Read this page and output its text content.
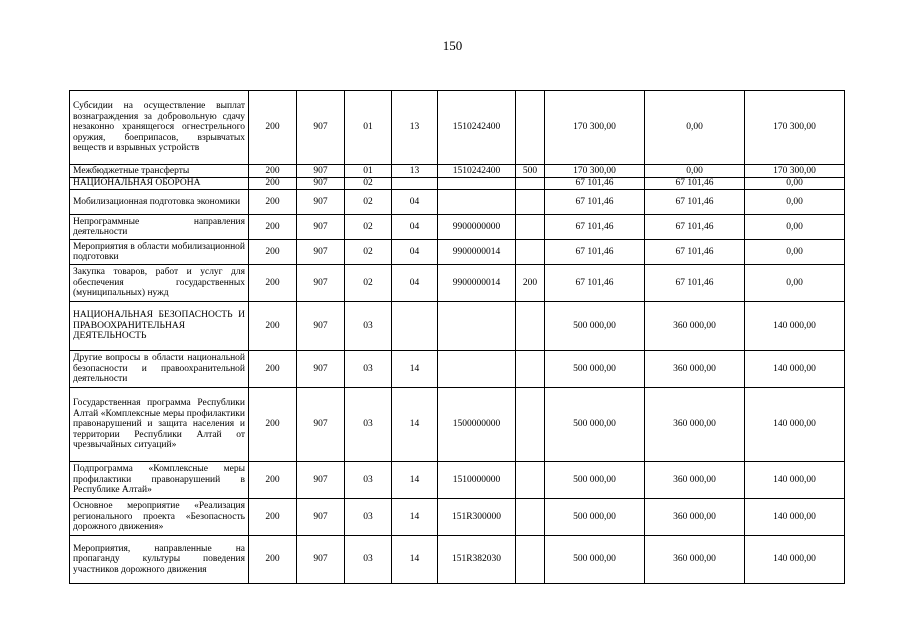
150
Субсидии на осуществление выплат вознаграждения за добровольную сдачу незаконно хранящегося огнестрельного оружия, боеприпасов, взрывчатых веществ и взрывных устройств	200	907	01	13	1510242400		170 300,00	0,00	170 300,00
Межбюджетные трансферты	200	907	01	13	1510242400	500	170 300,00	0,00	170 300,00
НАЦИОНАЛЬНАЯ ОБОРОНА	200	907	02				67 101,46	67 101,46	0,00
Мобилизационная подготовка экономики	200	907	02	04			67 101,46	67 101,46	0,00
Непрограммные направления деятельности	200	907	02	04	9900000000		67 101,46	67 101,46	0,00
Мероприятия в области мобилизационной подготовки	200	907	02	04	9900000014		67 101,46	67 101,46	0,00
Закупка товаров, работ и услуг для обеспечения государственных (муниципальных) нужд	200	907	02	04	9900000014	200	67 101,46	67 101,46	0,00
НАЦИОНАЛЬНАЯ БЕЗОПАСНОСТЬ И ПРАВООХРАНИТЕЛЬНАЯ ДЕЯТЕЛЬНОСТЬ	200	907	03				500 000,00	360 000,00	140 000,00
Другие вопросы в области национальной безопасности и правоохранительной деятельности	200	907	03	14			500 000,00	360 000,00	140 000,00
Государственная программа Республики Алтай «Комплексные меры профилактики правонарушений и защита населения и территории Республики Алтай от чрезвычайных ситуаций»	200	907	03	14	1500000000		500 000,00	360 000,00	140 000,00
Подпрограмма «Комплексные меры профилактики правонарушений в Республике Алтай»	200	907	03	14	1510000000		500 000,00	360 000,00	140 000,00
Основное мероприятие «Реализация регионального проекта «Безопасность дорожного движения»	200	907	03	14	151R300000		500 000,00	360 000,00	140 000,00
Мероприятия, направленные на пропаганду культуры поведения участников дорожного движения	200	907	03	14	151R382030		500 000,00	360 000,00	140 000,00
